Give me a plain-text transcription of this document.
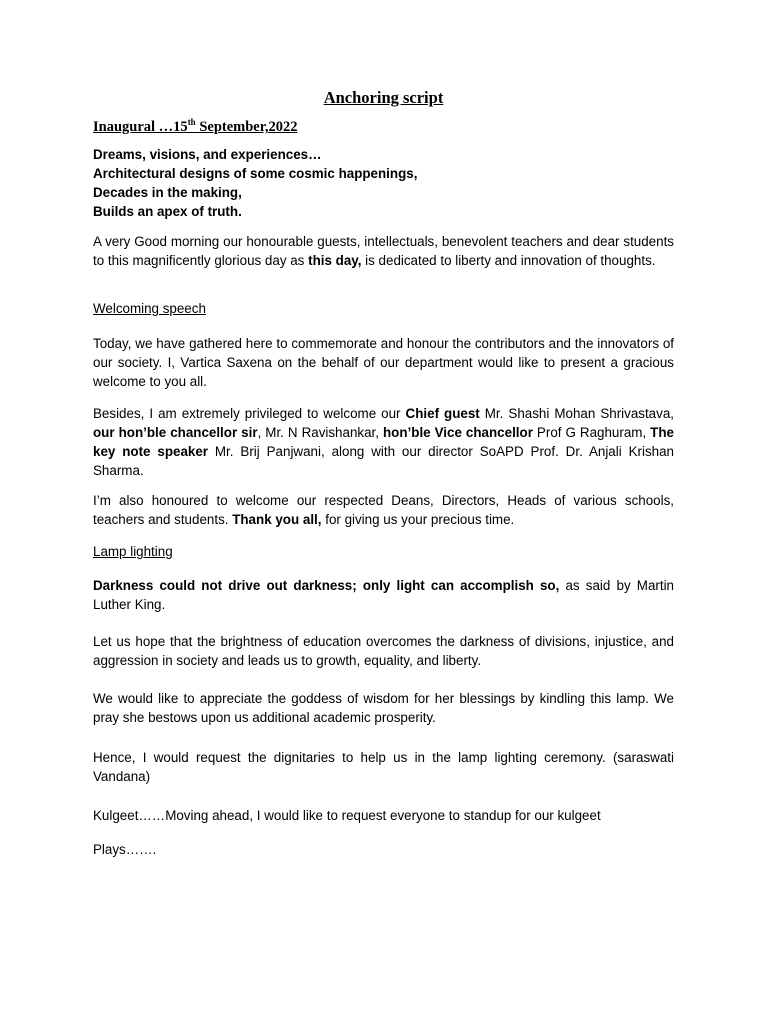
Anchoring script
Inaugural …15th September,2022
Dreams, visions, and experiences…
Architectural designs of some cosmic happenings,
Decades in the making,
Builds an apex of truth.
A very Good morning our honourable guests, intellectuals, benevolent teachers and dear students to this magnificently glorious day as this day, is dedicated to liberty and innovation of thoughts.
Welcoming speech
Today, we have gathered here to commemorate and honour the contributors and the innovators of our society. I, Vartica Saxena on the behalf of our department would like to present a gracious welcome to you all.
Besides, I am extremely privileged to welcome our Chief guest Mr. Shashi Mohan Shrivastava, our hon’ble chancellor sir, Mr. N Ravishankar, hon’ble Vice chancellor Prof G Raghuram, The key note speaker Mr. Brij Panjwani, along with our director SoAPD Prof. Dr. Anjali Krishan Sharma.
I’m also honoured to welcome our respected Deans, Directors, Heads of various schools, teachers and students. Thank you all, for giving us your precious time.
Lamp lighting
Darkness could not drive out darkness; only light can accomplish so, as said by Martin Luther King.
Let us hope that the brightness of education overcomes the darkness of divisions, injustice, and aggression in society and leads us to growth, equality, and liberty.
We would like to appreciate the goddess of wisdom for her blessings by kindling this lamp. We pray she bestows upon us additional academic prosperity.
Hence, I would request the dignitaries to help us in the lamp lighting ceremony. (saraswati Vandana)
Kulgeet……Moving ahead, I would like to request everyone to standup for our kulgeet
Plays…….
